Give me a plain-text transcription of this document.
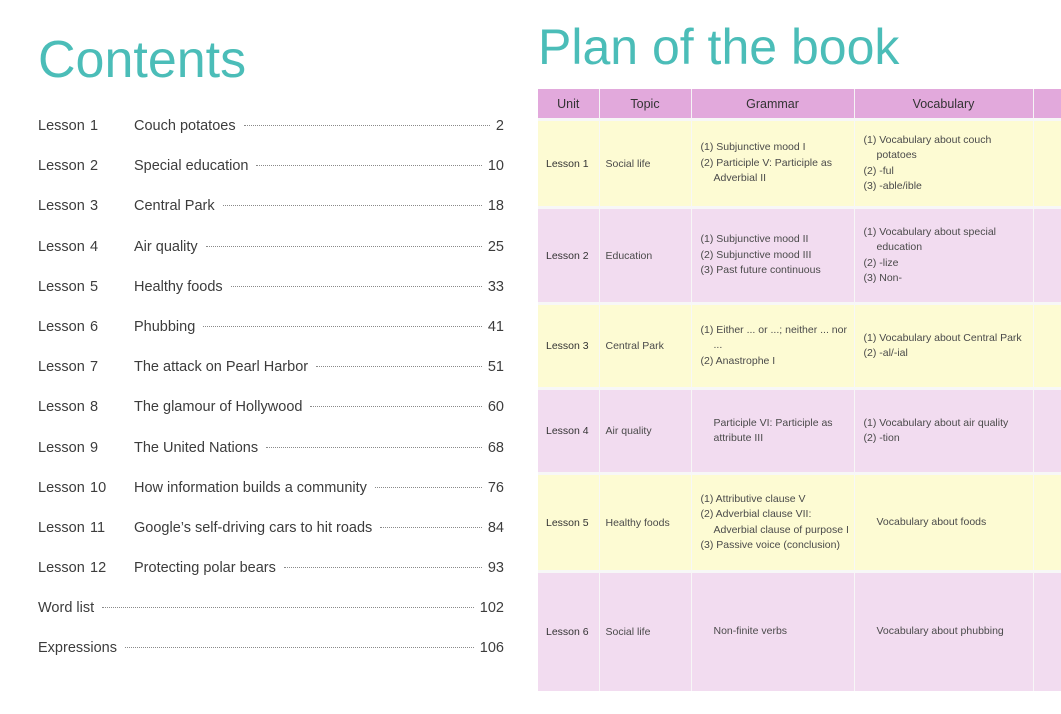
Contents	Plan of the book
Lesson 1	Couch potatoes	2
Lesson 2	Special education	10
Lesson 3	Central Park	18
Lesson 4	Air quality	25
Lesson 5	Healthy foods	33
Lesson 6	Phubbing	41
Lesson 7	The attack on Pearl Harbor	51
Lesson 8	The glamour of Hollywood	60
Lesson 9	The United Nations	68
Lesson 10	How information builds a community	76
Lesson 11	Google’s self-driving cars to hit roads	84
Lesson 12	Protecting polar bears	93
Word list	102
Expressions	106
Unit	Topic	Grammar	Vocabulary	
Lesson 1	Social life	(1) Subjunctive mood I
(2) Participle V: Participle as Adverbial II	(1) Vocabulary about couch potatoes
(2) -ful
(3) -able/ible	

Lesson 2	Education	(1) Subjunctive mood II
(2) Subjunctive mood III
(3) Past future continuous	(1) Vocabulary about special education
(2) -lize
(3) Non-	

Lesson 3	Central Park	(1) Either ... or ...; neither ... nor ...
(2) Anastrophe I	(1) Vocabulary about Central Park
(2) -al/-ial	

Lesson 4	Air quality	Participle VI: Participle as attribute III	(1) Vocabulary about air quality
(2) -tion	

Lesson 5	Healthy foods	(1) Attributive clause V
(2) Adverbial clause VII: Adverbial clause of purpose I
(3) Passive voice (conclusion)	Vocabulary about foods	

Lesson 6	Social life	Non-finite verbs	Vocabulary about phubbing	
